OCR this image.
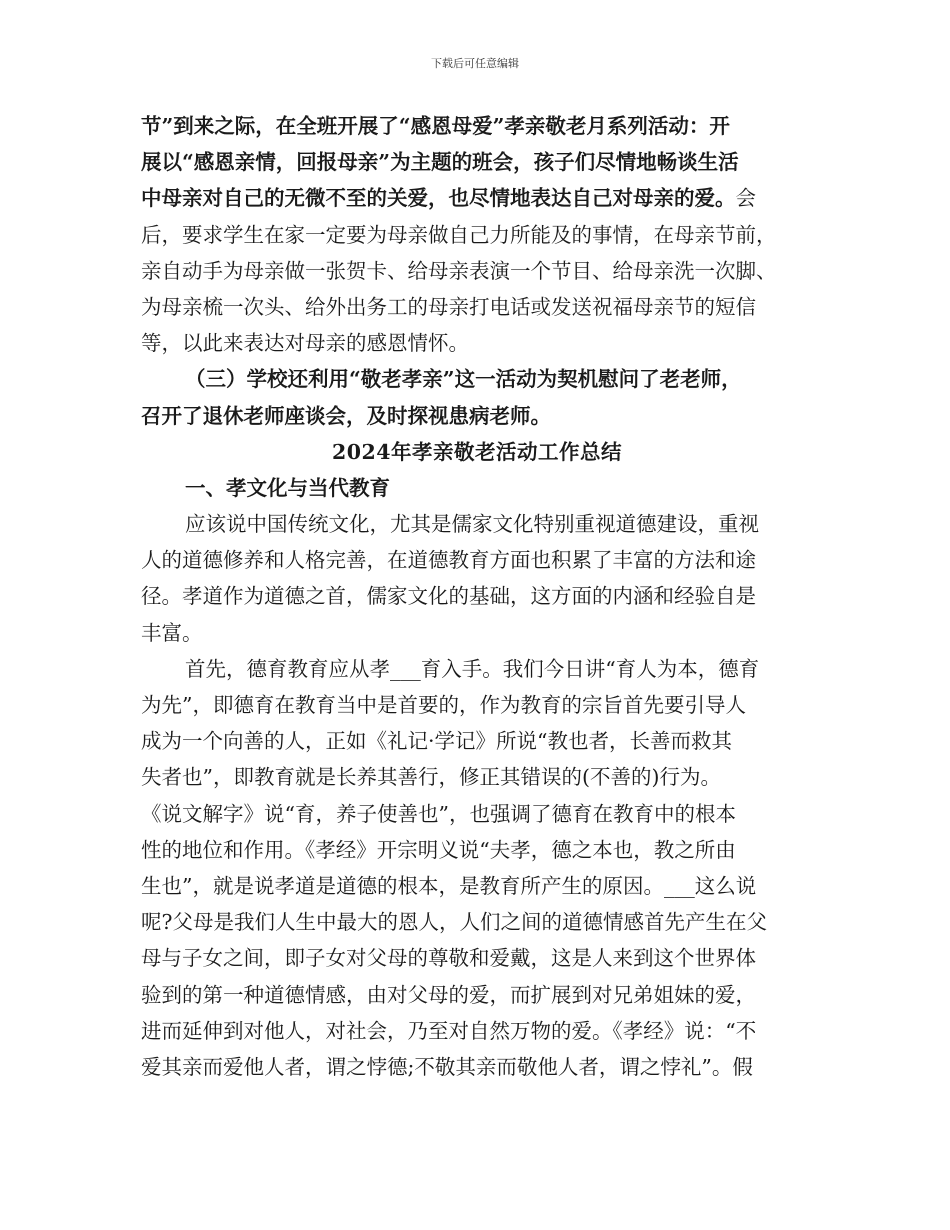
下载后可任意编辑
节”到来之际，在全班开展了“感恩母爱”孝亲敬老月系列活动：开
展以“感恩亲情，回报母亲”为主题的班会，孩子们尽情地畅谈生活
中母亲对自己的无微不至的关爱，也尽情地表达自己对母亲的爱。会
后，要求学生在家一定要为母亲做自己力所能及的事情，在母亲节前，
亲自动手为母亲做一张贺卡、给母亲表演一个节目、给母亲洗一次脚、
为母亲梳一次头、给外出务工的母亲打电话或发送祝福母亲节的短信
等，以此来表达对母亲的感恩情怀。
（三）学校还利用“敬老孝亲”这一活动为契机慰问了老老师，
召开了退休老师座谈会，及时探视患病老师。
2024年孝亲敬老活动工作总结
一、孝文化与当代教育
应该说中国传统文化，尤其是儒家文化特别重视道德建设，重视
人的道德修养和人格完善，在道德教育方面也积累了丰富的方法和途
径。孝道作为道德之首，儒家文化的基础，这方面的内涵和经验自是
丰富。
首先，德育教育应从孝___育入手。我们今日讲“育人为本，德育
为先”，即德育在教育当中是首要的，作为教育的宗旨首先要引导人
成为一个向善的人，正如《礼记·学记》所说“教也者，长善而救其
失者也”，即教育就是长养其善行，修正其错误的(不善的)行为。
《说文解字》说“育，养子使善也”，也强调了德育在教育中的根本
性的地位和作用。《孝经》开宗明义说“夫孝，德之本也，教之所由
生也”，就是说孝道是道德的根本，是教育所产生的原因。___这么说
呢?父母是我们人生中最大的恩人，人们之间的道德情感首先产生在父
母与子女之间，即子女对父母的尊敬和爱戴，这是人来到这个世界体
验到的第一种道德情感，由对父母的爱，而扩展到对兄弟姐妹的爱，
进而延伸到对他人，对社会，乃至对自然万物的爱。《孝经》说：“不
爱其亲而爱他人者，谓之悖德;不敬其亲而敬他人者，谓之悖礼”。假
